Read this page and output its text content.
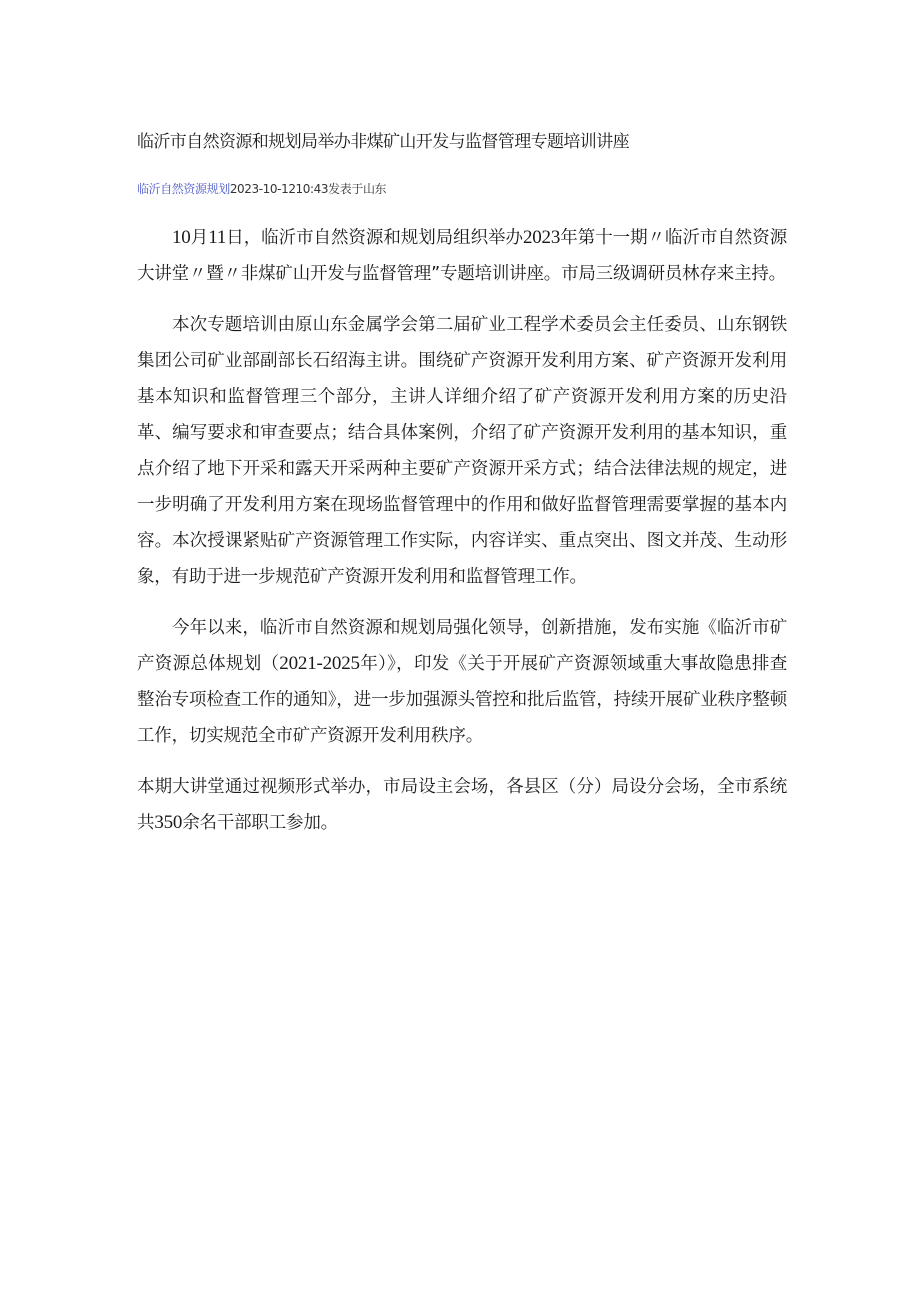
临沂市自然资源和规划局举办非煤矿山开发与监督管理专题培训讲座
临沂自然资源规划2023-10-1210:43发表于山东

10月11日，临沂市自然资源和规划局组织举办2023年第十一期〃临沂市自然资源大讲堂〃暨〃非煤矿山开发与监督管理”专题培训讲座。市局三级调研员林存来主持。

本次专题培训由原山东金属学会第二届矿业工程学术委员会主任委员、山东钢铁集团公司矿业部副部长石绍海主讲。围绕矿产资源开发利用方案、矿产资源开发利用基本知识和监督管理三个部分，主讲人详细介绍了矿产资源开发利用方案的历史沿革、编写要求和审查要点；结合具体案例，介绍了矿产资源开发利用的基本知识，重点介绍了地下开采和露天开采两种主要矿产资源开采方式；结合法律法规的规定，进一步明确了开发利用方案在现场监督管理中的作用和做好监督管理需要掌握的基本内容。本次授课紧贴矿产资源管理工作实际，内容详实、重点突出、图文并茂、生动形象，有助于进一步规范矿产资源开发利用和监督管理工作。

今年以来，临沂市自然资源和规划局强化领导，创新措施，发布实施《临沂市矿产资源总体规划（2021-2025年）》，印发《关于开展矿产资源领域重大事故隐患排查整治专项检查工作的通知》，进一步加强源头管控和批后监管，持续开展矿业秩序整顿工作，切实规范全市矿产资源开发利用秩序。

本期大讲堂通过视频形式举办，市局设主会场，各县区（分）局设分会场，全市系统共350余名干部职工参加。
